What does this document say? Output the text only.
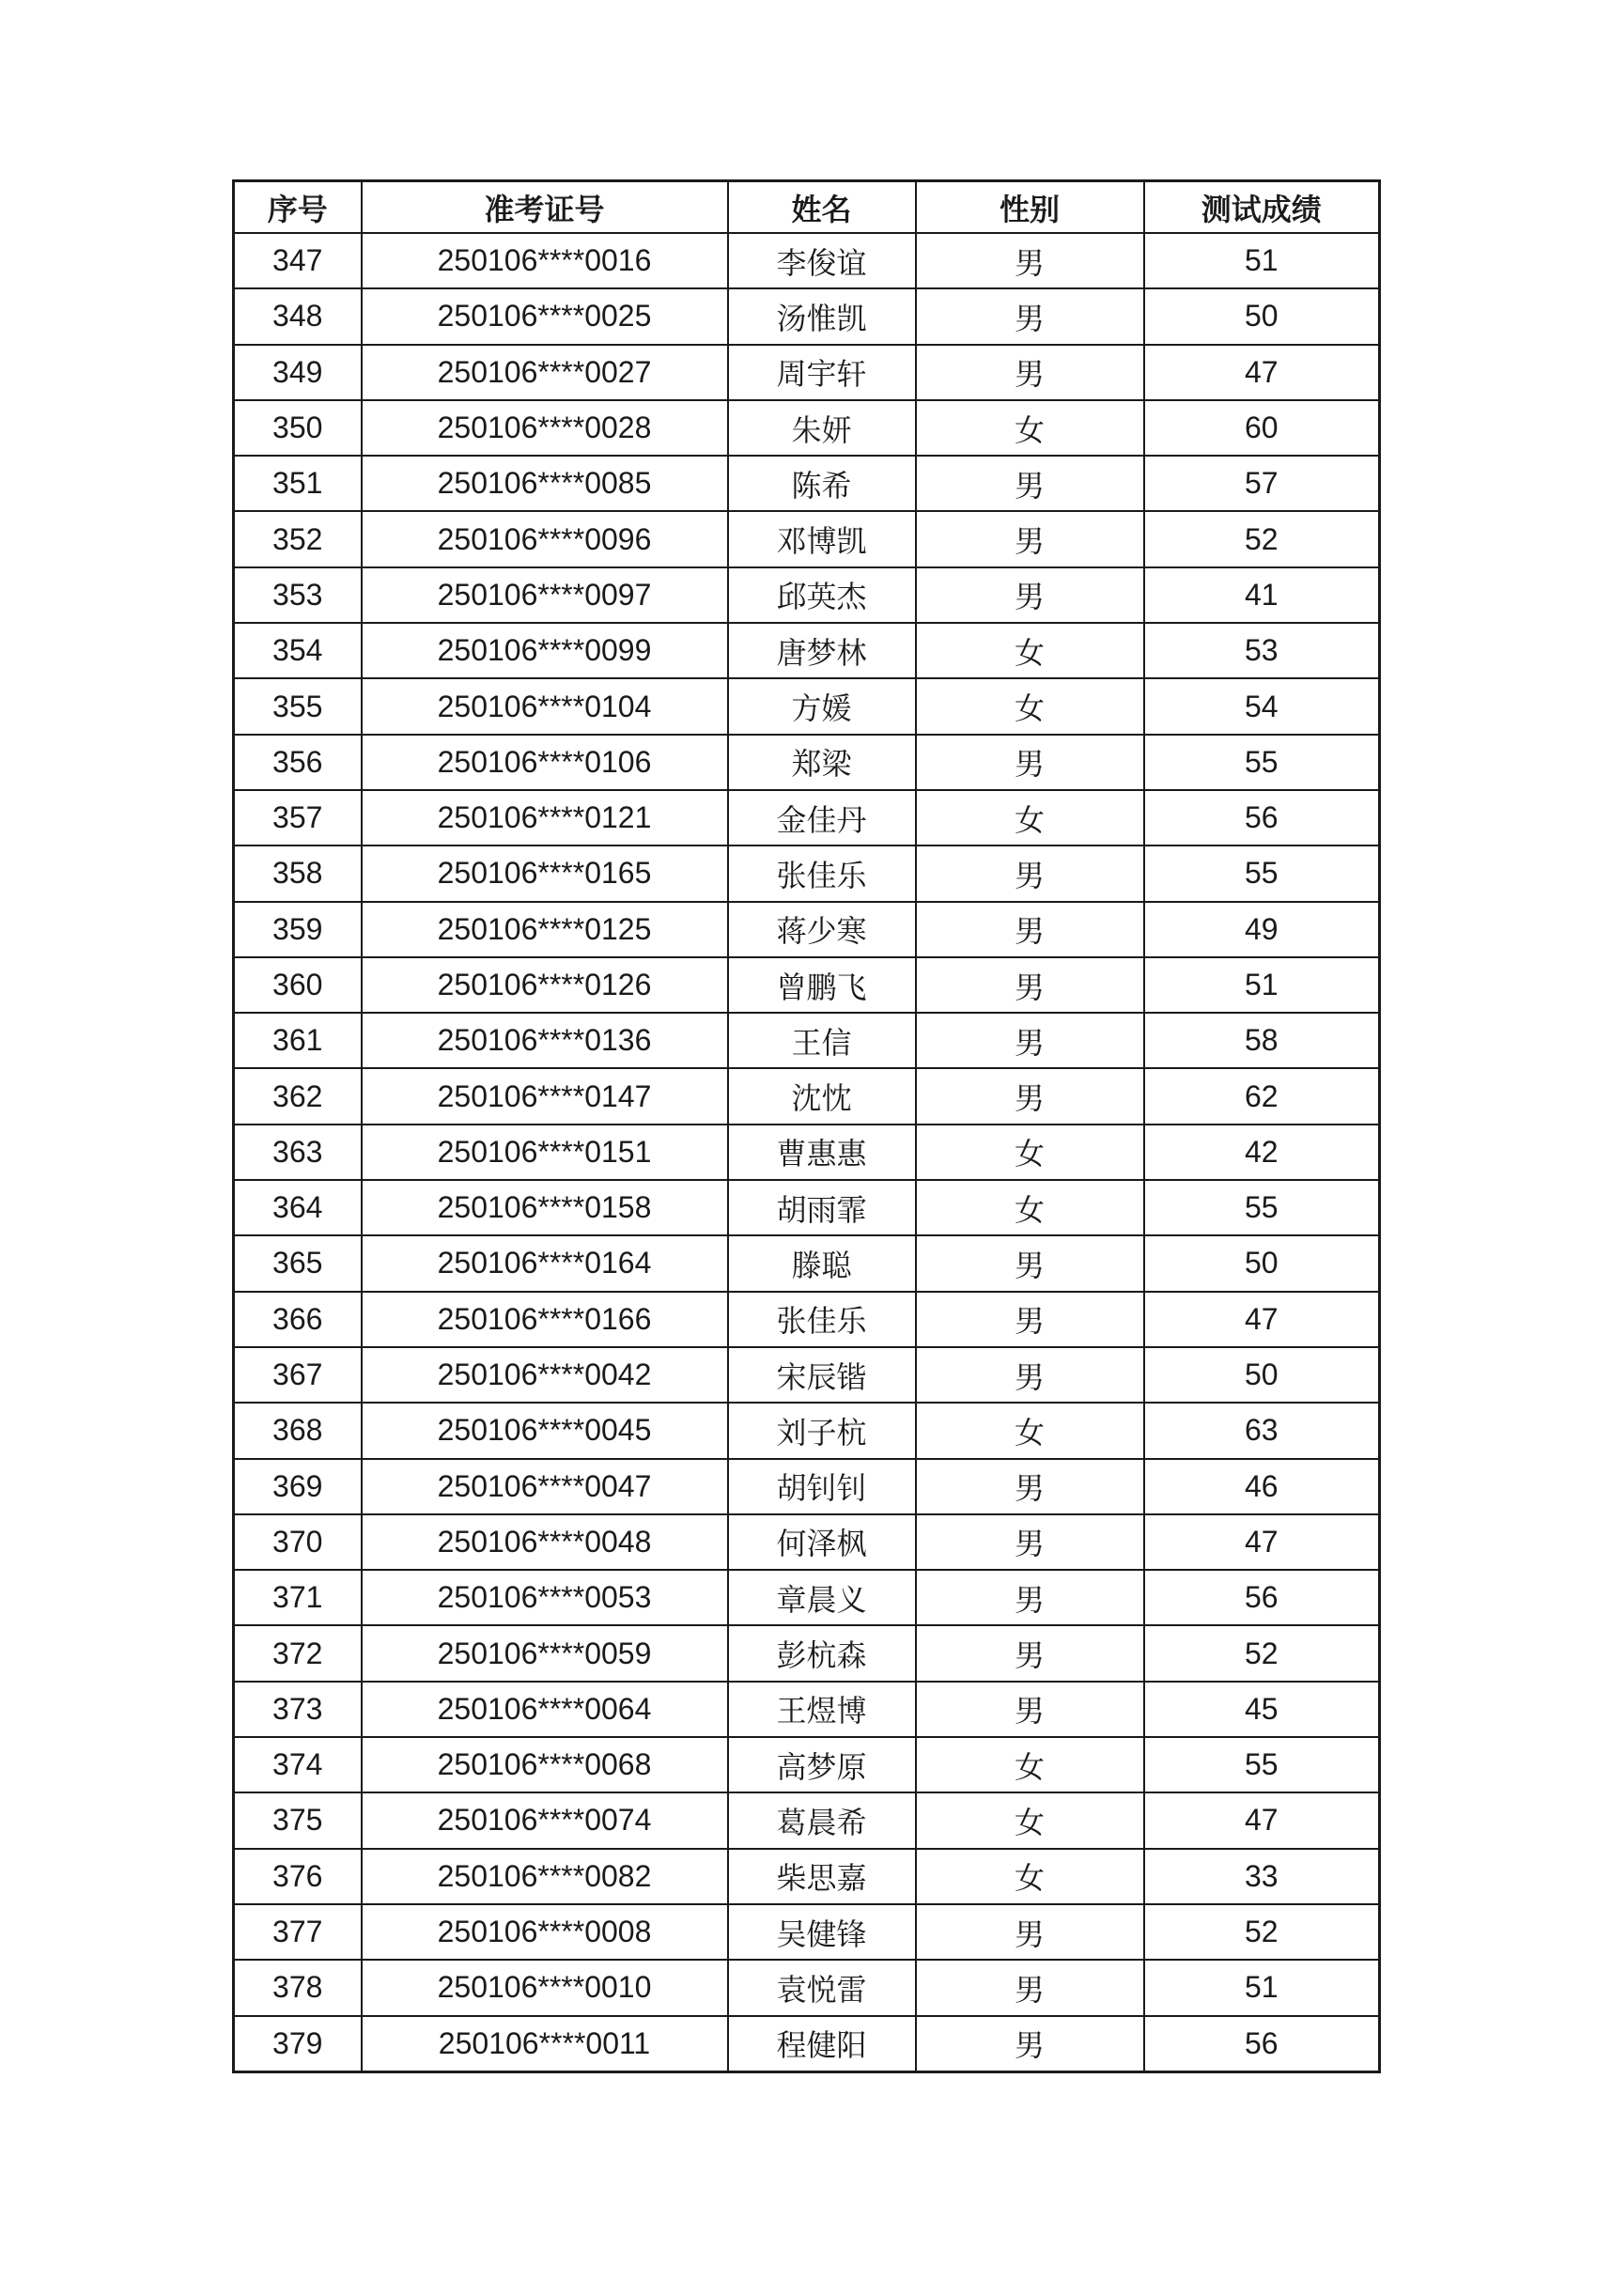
序号	准考证号	姓名	性别	测试成绩
347	250106****0016	李俊谊	男	51
348	250106****0025	汤惟凯	男	50
349	250106****0027	周宇轩	男	47
350	250106****0028	朱妍	女	60
351	250106****0085	陈希	男	57
352	250106****0096	邓博凯	男	52
353	250106****0097	邱英杰	男	41
354	250106****0099	唐梦林	女	53
355	250106****0104	方媛	女	54
356	250106****0106	郑梁	男	55
357	250106****0121	金佳丹	女	56
358	250106****0165	张佳乐	男	55
359	250106****0125	蒋少寒	男	49
360	250106****0126	曾鹏飞	男	51
361	250106****0136	王信	男	58
362	250106****0147	沈忱	男	62
363	250106****0151	曹惠惠	女	42
364	250106****0158	胡雨霏	女	55
365	250106****0164	滕聪	男	50
366	250106****0166	张佳乐	男	47
367	250106****0042	宋辰锴	男	50
368	250106****0045	刘子杭	女	63
369	250106****0047	胡钊钊	男	46
370	250106****0048	何泽枫	男	47
371	250106****0053	章晨义	男	56
372	250106****0059	彭杭森	男	52
373	250106****0064	王煜博	男	45
374	250106****0068	高梦原	女	55
375	250106****0074	葛晨希	女	47
376	250106****0082	柴思嘉	女	33
377	250106****0008	吴健锋	男	52
378	250106****0010	袁悦雷	男	51
379	250106****0011	程健阳	男	56
